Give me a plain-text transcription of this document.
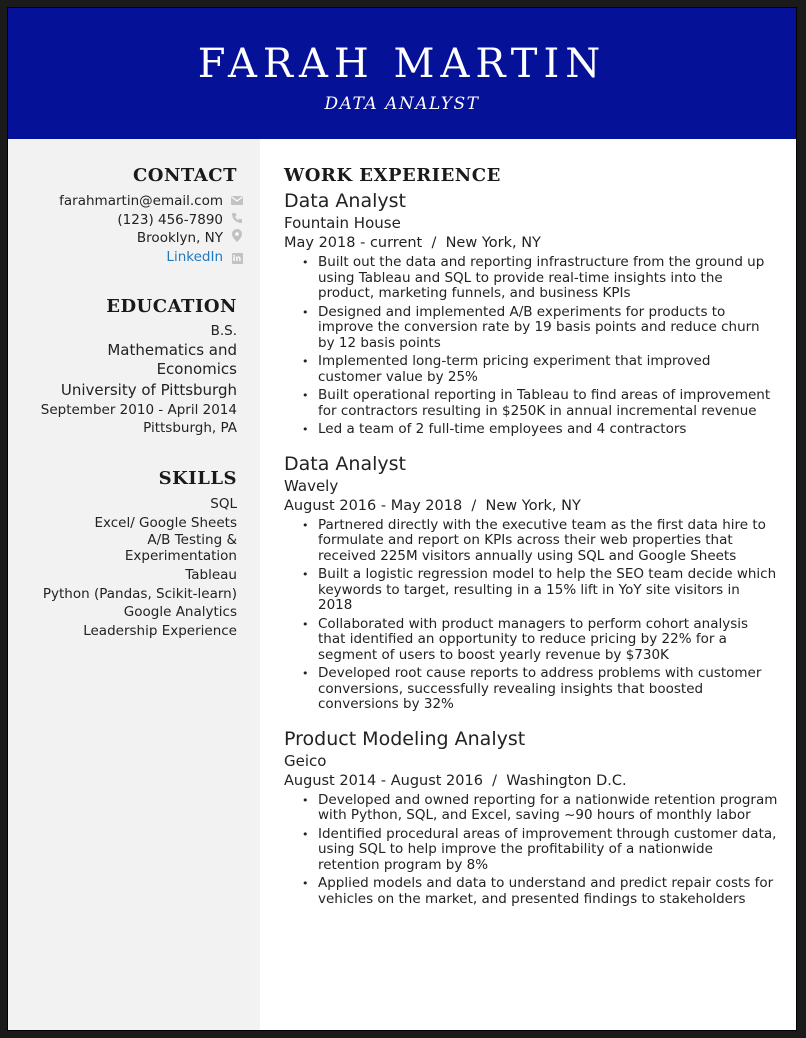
FARAH MARTIN
DATA ANALYST
CONTACT
farahmartin@email.com
(123) 456-7890
Brooklyn, NY
LinkedIn	in
EDUCATION
B.S.
Mathematics and
Economics
University of Pittsburgh
September 2010 - April 2014
Pittsburgh, PA
SKILLS
SQL
Excel/ Google Sheets
A/B Testing &
Experimentation
Tableau
Python (Pandas, Scikit-learn)
Google Analytics
Leadership Experience
WORK EXPERIENCE
Data Analyst
Fountain House
May 2018 - current  /  New York, NY
• Built out the data and reporting infrastructure from the ground up using Tableau and SQL to provide real-time insights into the product, marketing funnels, and business KPIs
• Designed and implemented A/B experiments for products to improve the conversion rate by 19 basis points and reduce churn by 12 basis points
• Implemented long-term pricing experiment that improved customer value by 25%
• Built operational reporting in Tableau to find areas of improvement for contractors resulting in $250K in annual incremental revenue
• Led a team of 2 full-time employees and 4 contractors
Data Analyst
Wavely
August 2016 - May 2018  /  New York, NY
• Partnered directly with the executive team as the first data hire to formulate and report on KPIs across their web properties that received 225M visitors annually using SQL and Google Sheets
• Built a logistic regression model to help the SEO team decide which keywords to target, resulting in a 15% lift in YoY site visitors in 2018
• Collaborated with product managers to perform cohort analysis that identified an opportunity to reduce pricing by 22% for a segment of users to boost yearly revenue by $730K
• Developed root cause reports to address problems with customer conversions, successfully revealing insights that boosted conversions by 32%
Product Modeling Analyst
Geico
August 2014 - August 2016  /  Washington D.C.
• Developed and owned reporting for a nationwide retention program with Python, SQL, and Excel, saving ~90 hours of monthly labor
• Identified procedural areas of improvement through customer data, using SQL to help improve the profitability of a nationwide retention program by 8%
• Applied models and data to understand and predict repair costs for vehicles on the market, and presented findings to stakeholders
